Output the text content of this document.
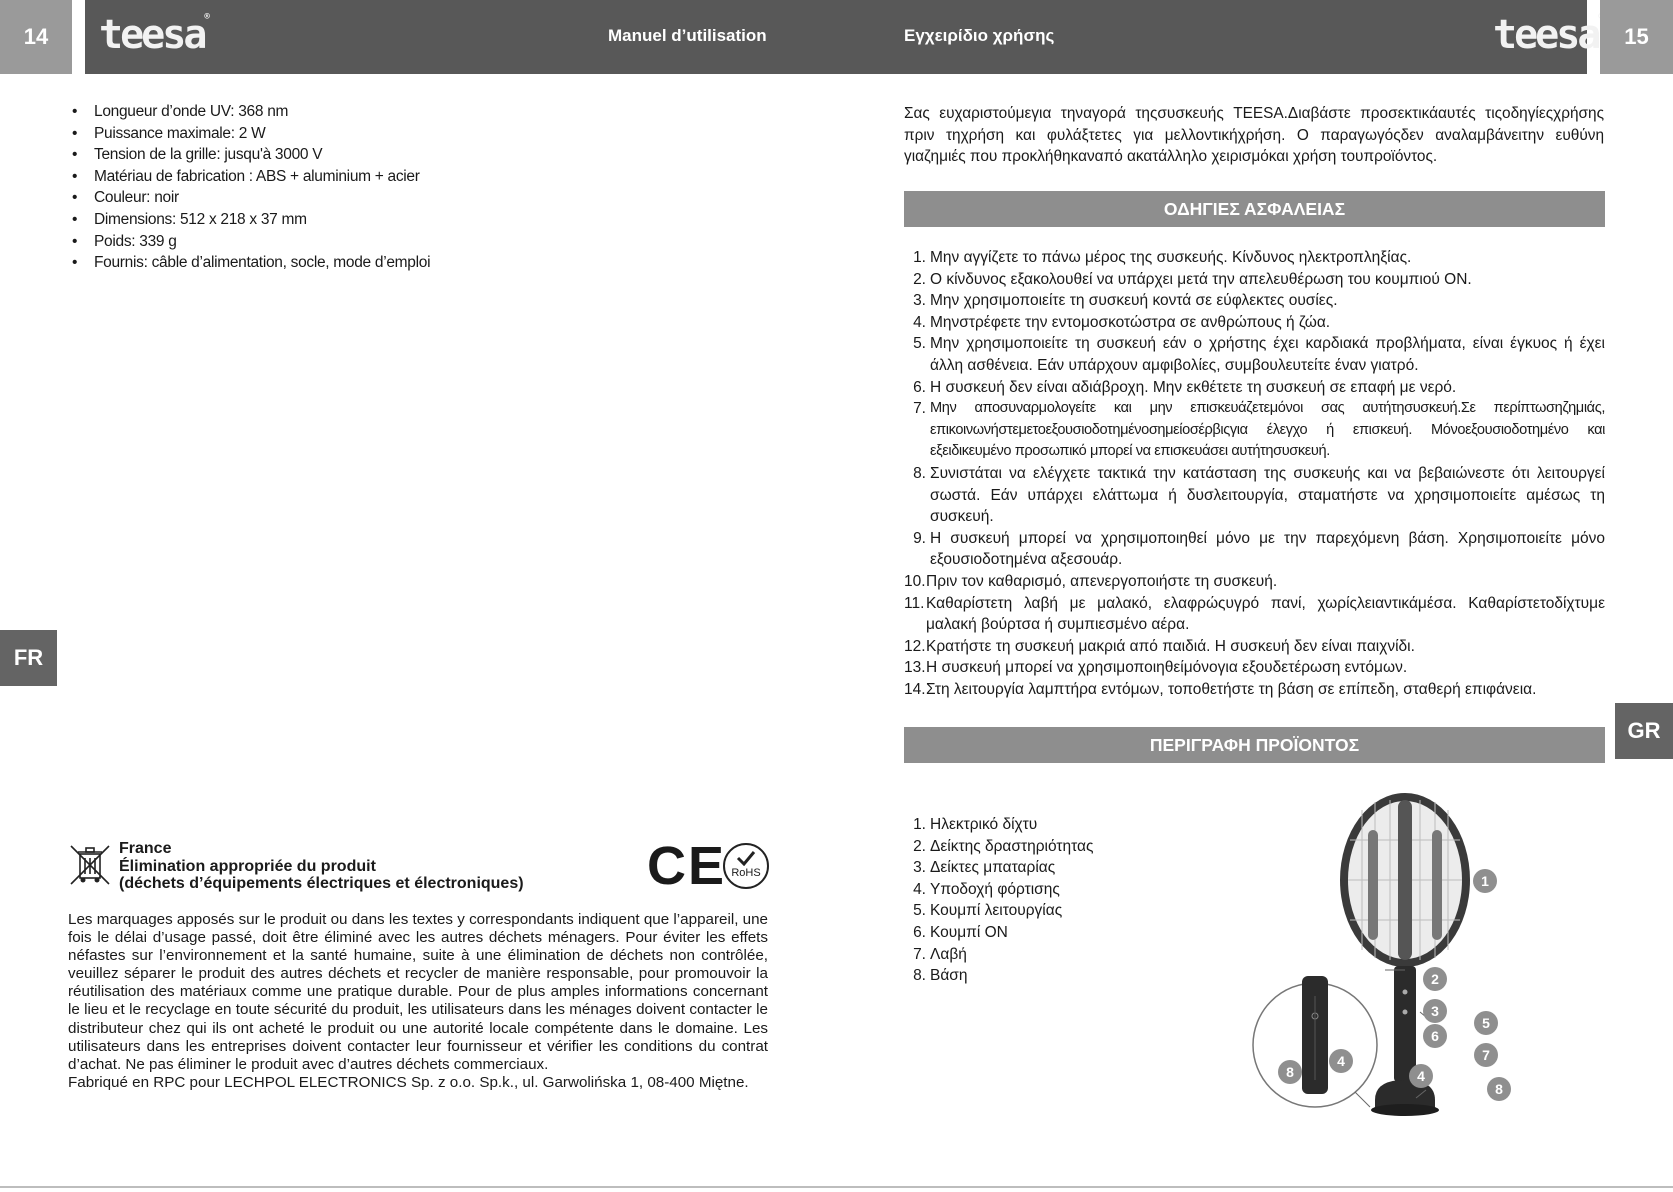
14	teesa®
Manuel d’utilisation	Εγχειρίδιο χρήσης	teesa	15
FR
GR
•	Longueur d’onde UV: 368 nm
•	Puissance maximale: 2 W
•	Tension de la grille: jusqu'à 3000 V
•	Matériau de fabrication : ABS + aluminium + acier
•	Couleur: noir
•	Dimensions: 512 x 218 x 37 mm
•	Poids: 339 g
•	Fournis: câble d’alimentation, socle, mode d’emploi
France
Élimination appropriée du produit
(déchets d’équipements électriques et électroniques) CE RoHS

Les marquages apposés sur le produit ou dans les textes y correspondants indiquent que l’appareil, une fois le délai d’usage passé, doit être éliminé avec les autres déchets ménagers. Pour éviter les effets néfastes sur l’environnement et la santé humaine, suite à une élimination de déchets non contrôlée, veuillez séparer le produit des autres déchets et recycler de manière responsable, pour promouvoir la réutilisation des matériaux comme une pratique durable. Pour de plus amples informations concernant le lieu et le recyclage en toute sécurité du produit, les utilisateurs dans les ménages doivent contacter le distributeur chez qui ils ont acheté le produit ou une autorité locale compétente dans le domaine. Les utilisateurs dans les entreprises doivent contacter leur fournisseur et vérifier les conditions du contrat d’achat. Ne pas éliminer le produit avec d’autres déchets commerciaux.

Fabriqué en RPC pour LECHPOL ELECTRONICS Sp. z o.o. Sp.k., ul. Garwolińska 1, 08-400 Miętne.

Σας ευχαριστούμεγια τηναγορά τηςσυσκευής TEESA.Διαβάστε προσεκτικάαυτές τιςοδηγίεςχρήσης πριν τηχρήση και φυλάξτετες για μελλοντικήχρήση. Ο παραγωγόςδεν αναλαμβάνειτην ευθύνη γιαζημιές που προκλήθηκαναπό ακατάλληλο χειρισμόκαι χρήση τουπροϊόντος.
ΟΔΗΓΙΕΣ ΑΣΦΑΛΕΙΑΣ
1. Μην αγγίζετε το πάνω μέρος της συσκευής. Κίνδυνος ηλεκτροπληξίας.
2. Ο κίνδυνος εξακολουθεί να υπάρχει μετά την απελευθέρωση του κουμπιού ON.
3. Μην χρησιμοποιείτε τη συσκευή κοντά σε εύφλεκτες ουσίες.
4. Μηνστρέφετε την εντομοσκοτώστρα σε ανθρώπους ή ζώα.
5. Μην χρησιμοποιείτε τη συσκευή εάν ο χρήστης έχει καρδιακά προβλήματα, είναι έγκυος ή έχει άλλη ασθένεια. Εάν υπάρχουν αμφιβολίες, συμβουλευτείτε έναν γιατρό.
6. Η συσκευή δεν είναι αδιάβροχη. Μην εκθέτετε τη συσκευή σε επαφή με νερό.
7. Μην αποσυναρμολογείτε και μην επισκευάζετεμόνοι σας αυτήτησυσκευή.Σε περίπτωσηζημιάς, επικοινωνήστεμετοεξουσιοδοτημένοσημείοσέρβιςγια έλεγχο ή επισκευή. Μόνοεξουσιοδοτημένο και εξειδικευμένο προσωπικό μπορεί να επισκευάσει αυτήτησυσκευή.
8. Συνιστάται να ελέγχετε τακτικά την κατάσταση της συσκευής και να βεβαιώνεστε ότι λειτουργεί σωστά. Εάν υπάρχει ελάττωμα ή δυσλειτουργία, σταματήστε να χρησιμοποιείτε αμέσως τη συσκευή.
9. Η συσκευή μπορεί να χρησιμοποιηθεί μόνο με την παρεχόμενη βάση. Χρησιμοποιείτε μόνο εξουσιοδοτημένα αξεσουάρ.
10. Πριν τον καθαρισμό, απενεργοποιήστε τη συσκευή.
11. Καθαρίστετη λαβή με μαλακό, ελαφρώςυγρό πανί, χωρίςλειαντικάμέσα. Καθαρίστετοδίχτυμε μαλακή βούρτσα ή συμπιεσμένο αέρα.
12. Κρατήστε τη συσκευή μακριά από παιδιά. Η συσκευή δεν είναι παιχνίδι.
13. Η συσκευή μπορεί να χρησιμοποιηθείμόνογια εξουδετέρωση εντόμων.
14. Στη λειτουργία λαμπτήρα εντόμων, τοποθετήστε τη βάση σε επίπεδη, σταθερή επιφάνεια.
ΠΕΡΙΓΡΑΦΗ ΠΡΟΪΟΝΤΟΣ
1. Ηλεκτρικό δίχτυ
2. Δείκτης δραστηριότητας
3. Δείκτες μπαταρίας
4. Υποδοχή φόρτισης
5. Κουμπί λειτουργίας
6. Κουμπί ON
7. Λαβή
8. Βάση
1
2
3
4
5
6
7
8
8
4
